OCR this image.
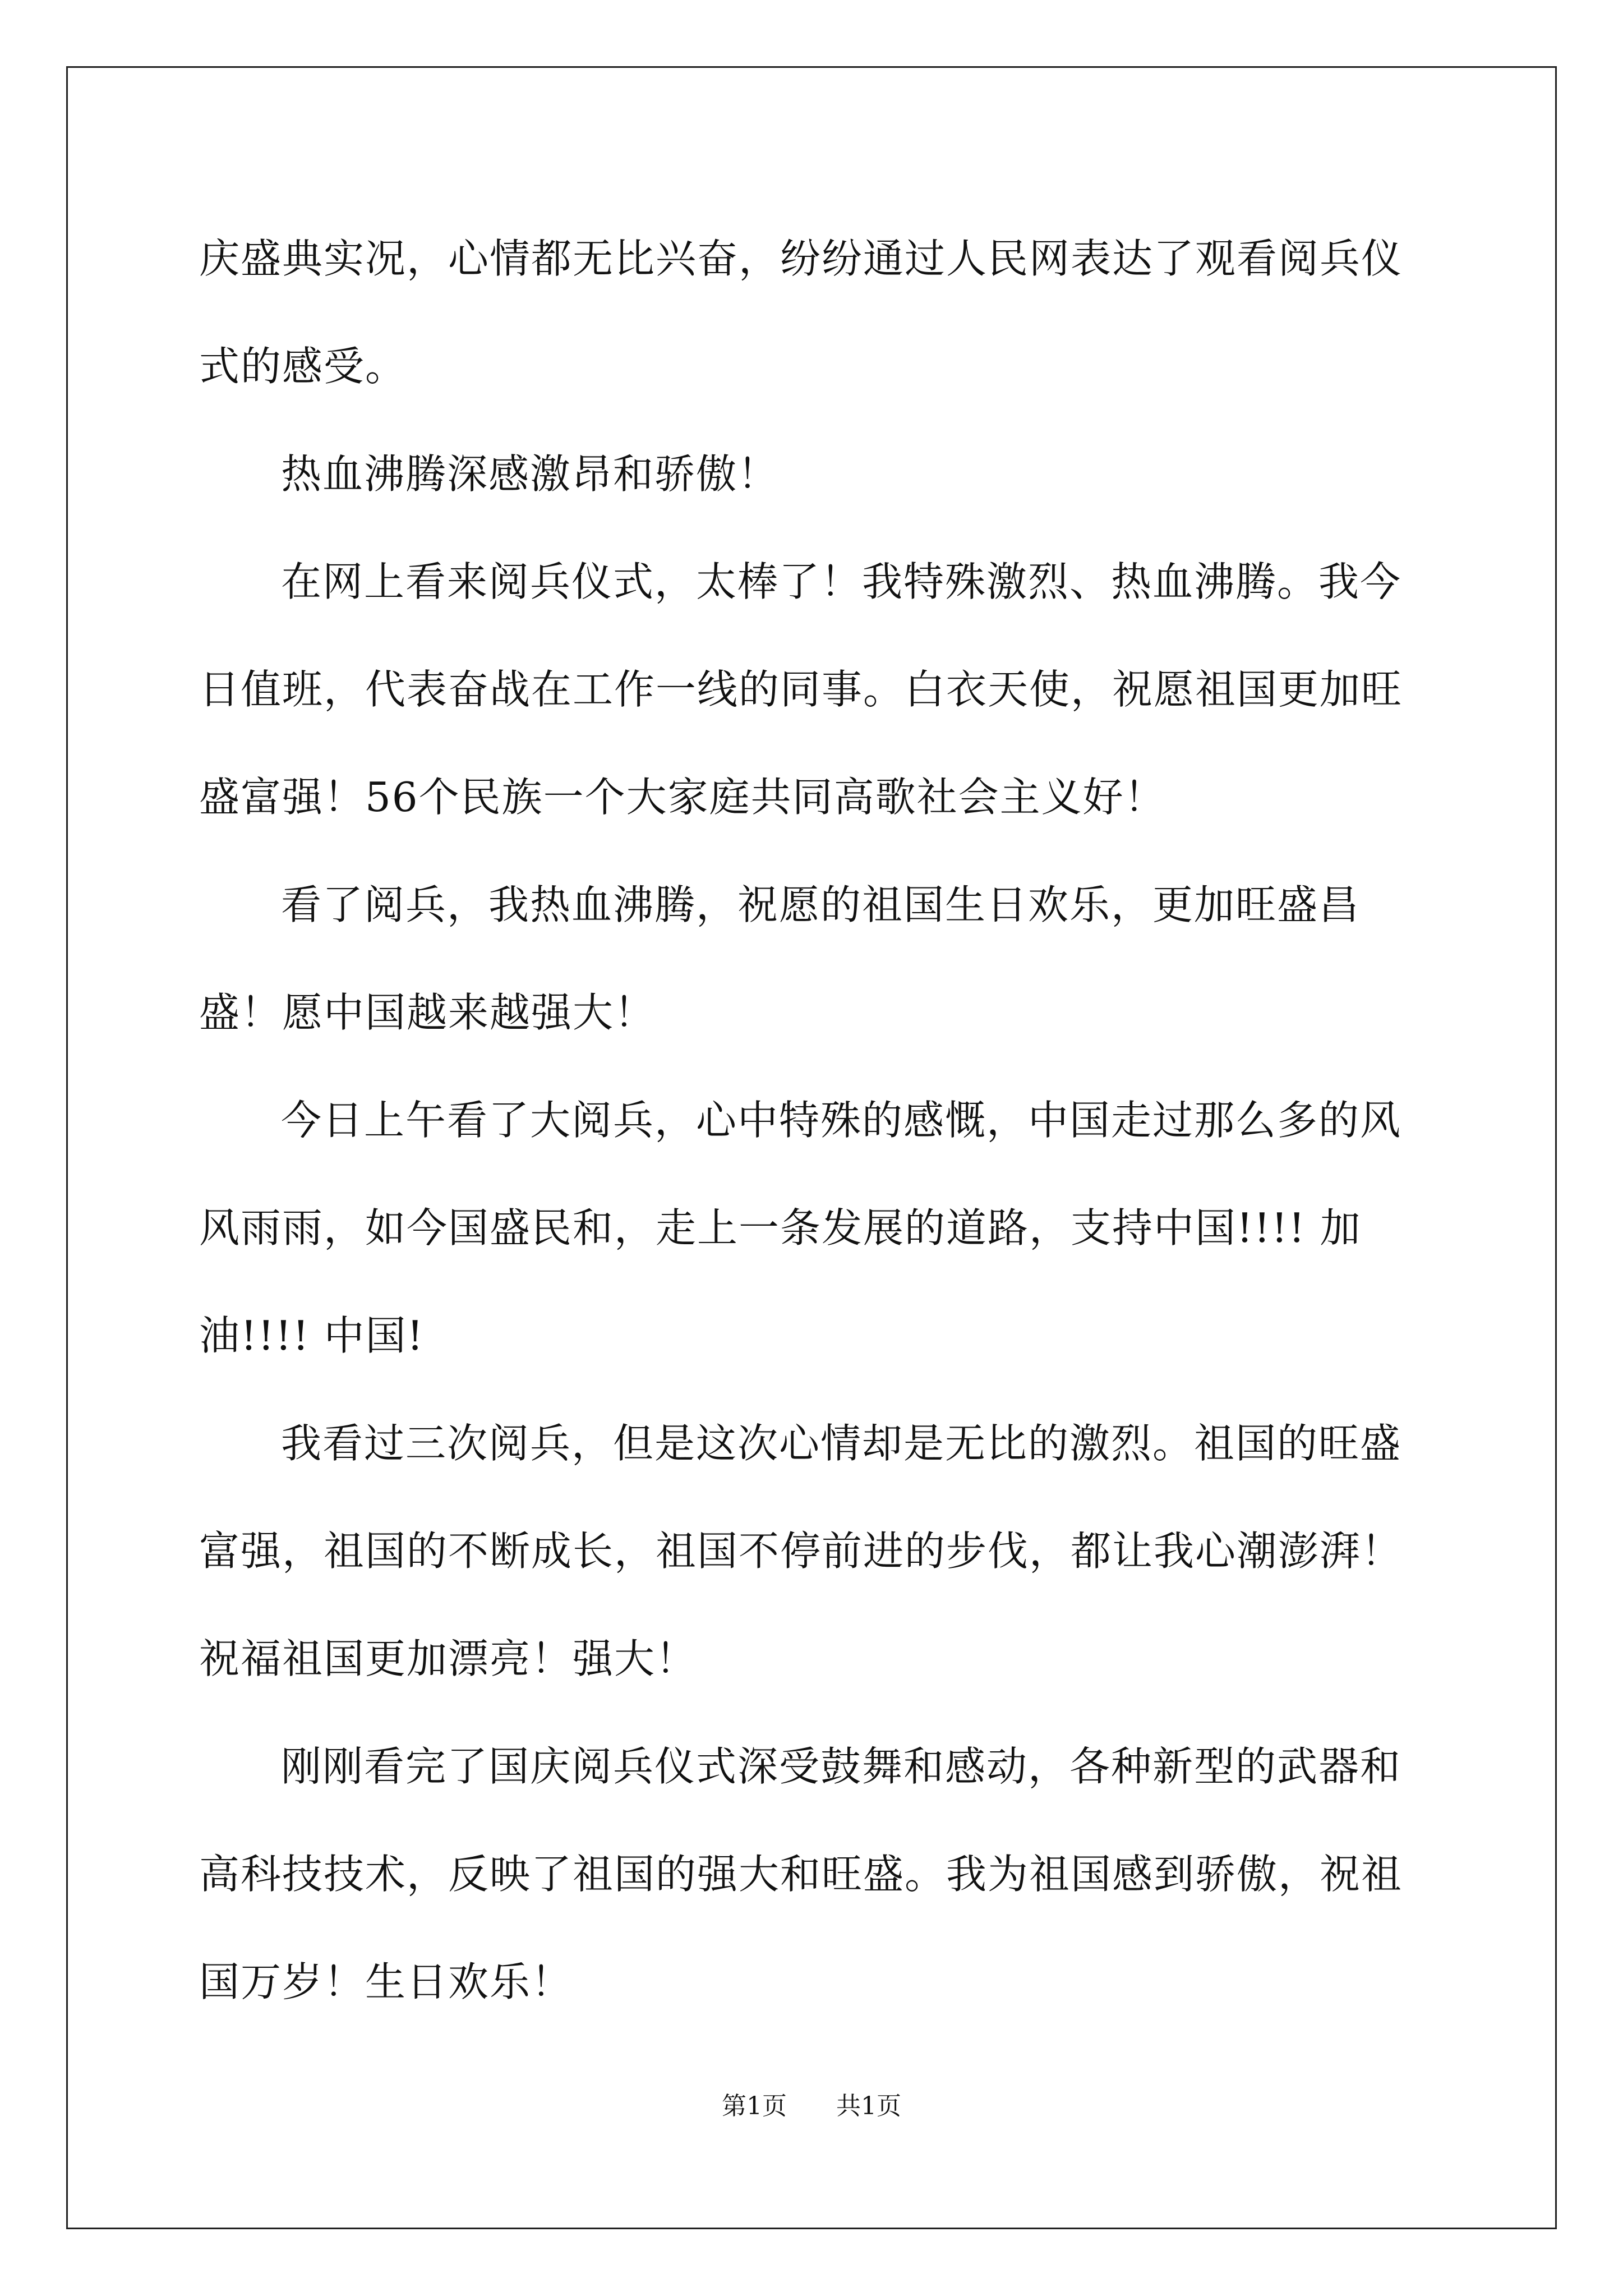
庆盛典实况，心情都无比兴奋，纷纷通过人民网表达了观看阅兵仪式的感受。

热血沸腾深感激昂和骄傲！

在网上看来阅兵仪式，太棒了！我特殊激烈、热血沸腾。我今日值班，代表奋战在工作一线的同事。白衣天使，祝愿祖国更加旺盛富强！56个民族一个大家庭共同高歌社会主义好！

看了阅兵，我热血沸腾，祝愿的祖国生日欢乐，更加旺盛昌盛！愿中国越来越强大！

今日上午看了大阅兵，心中特殊的感慨，中国走过那么多的风风雨雨，如今国盛民和，走上一条发展的道路，支持中国!!!! 加油!!!! 中国!

我看过三次阅兵，但是这次心情却是无比的激烈。祖国的旺盛富强，祖国的不断成长，祖国不停前进的步伐，都让我心潮澎湃！祝福祖国更加漂亮！强大！

刚刚看完了国庆阅兵仪式深受鼓舞和感动，各种新型的武器和高科技技术，反映了祖国的强大和旺盛。我为祖国感到骄傲，祝祖国万岁！生日欢乐！

第1页 共1页
